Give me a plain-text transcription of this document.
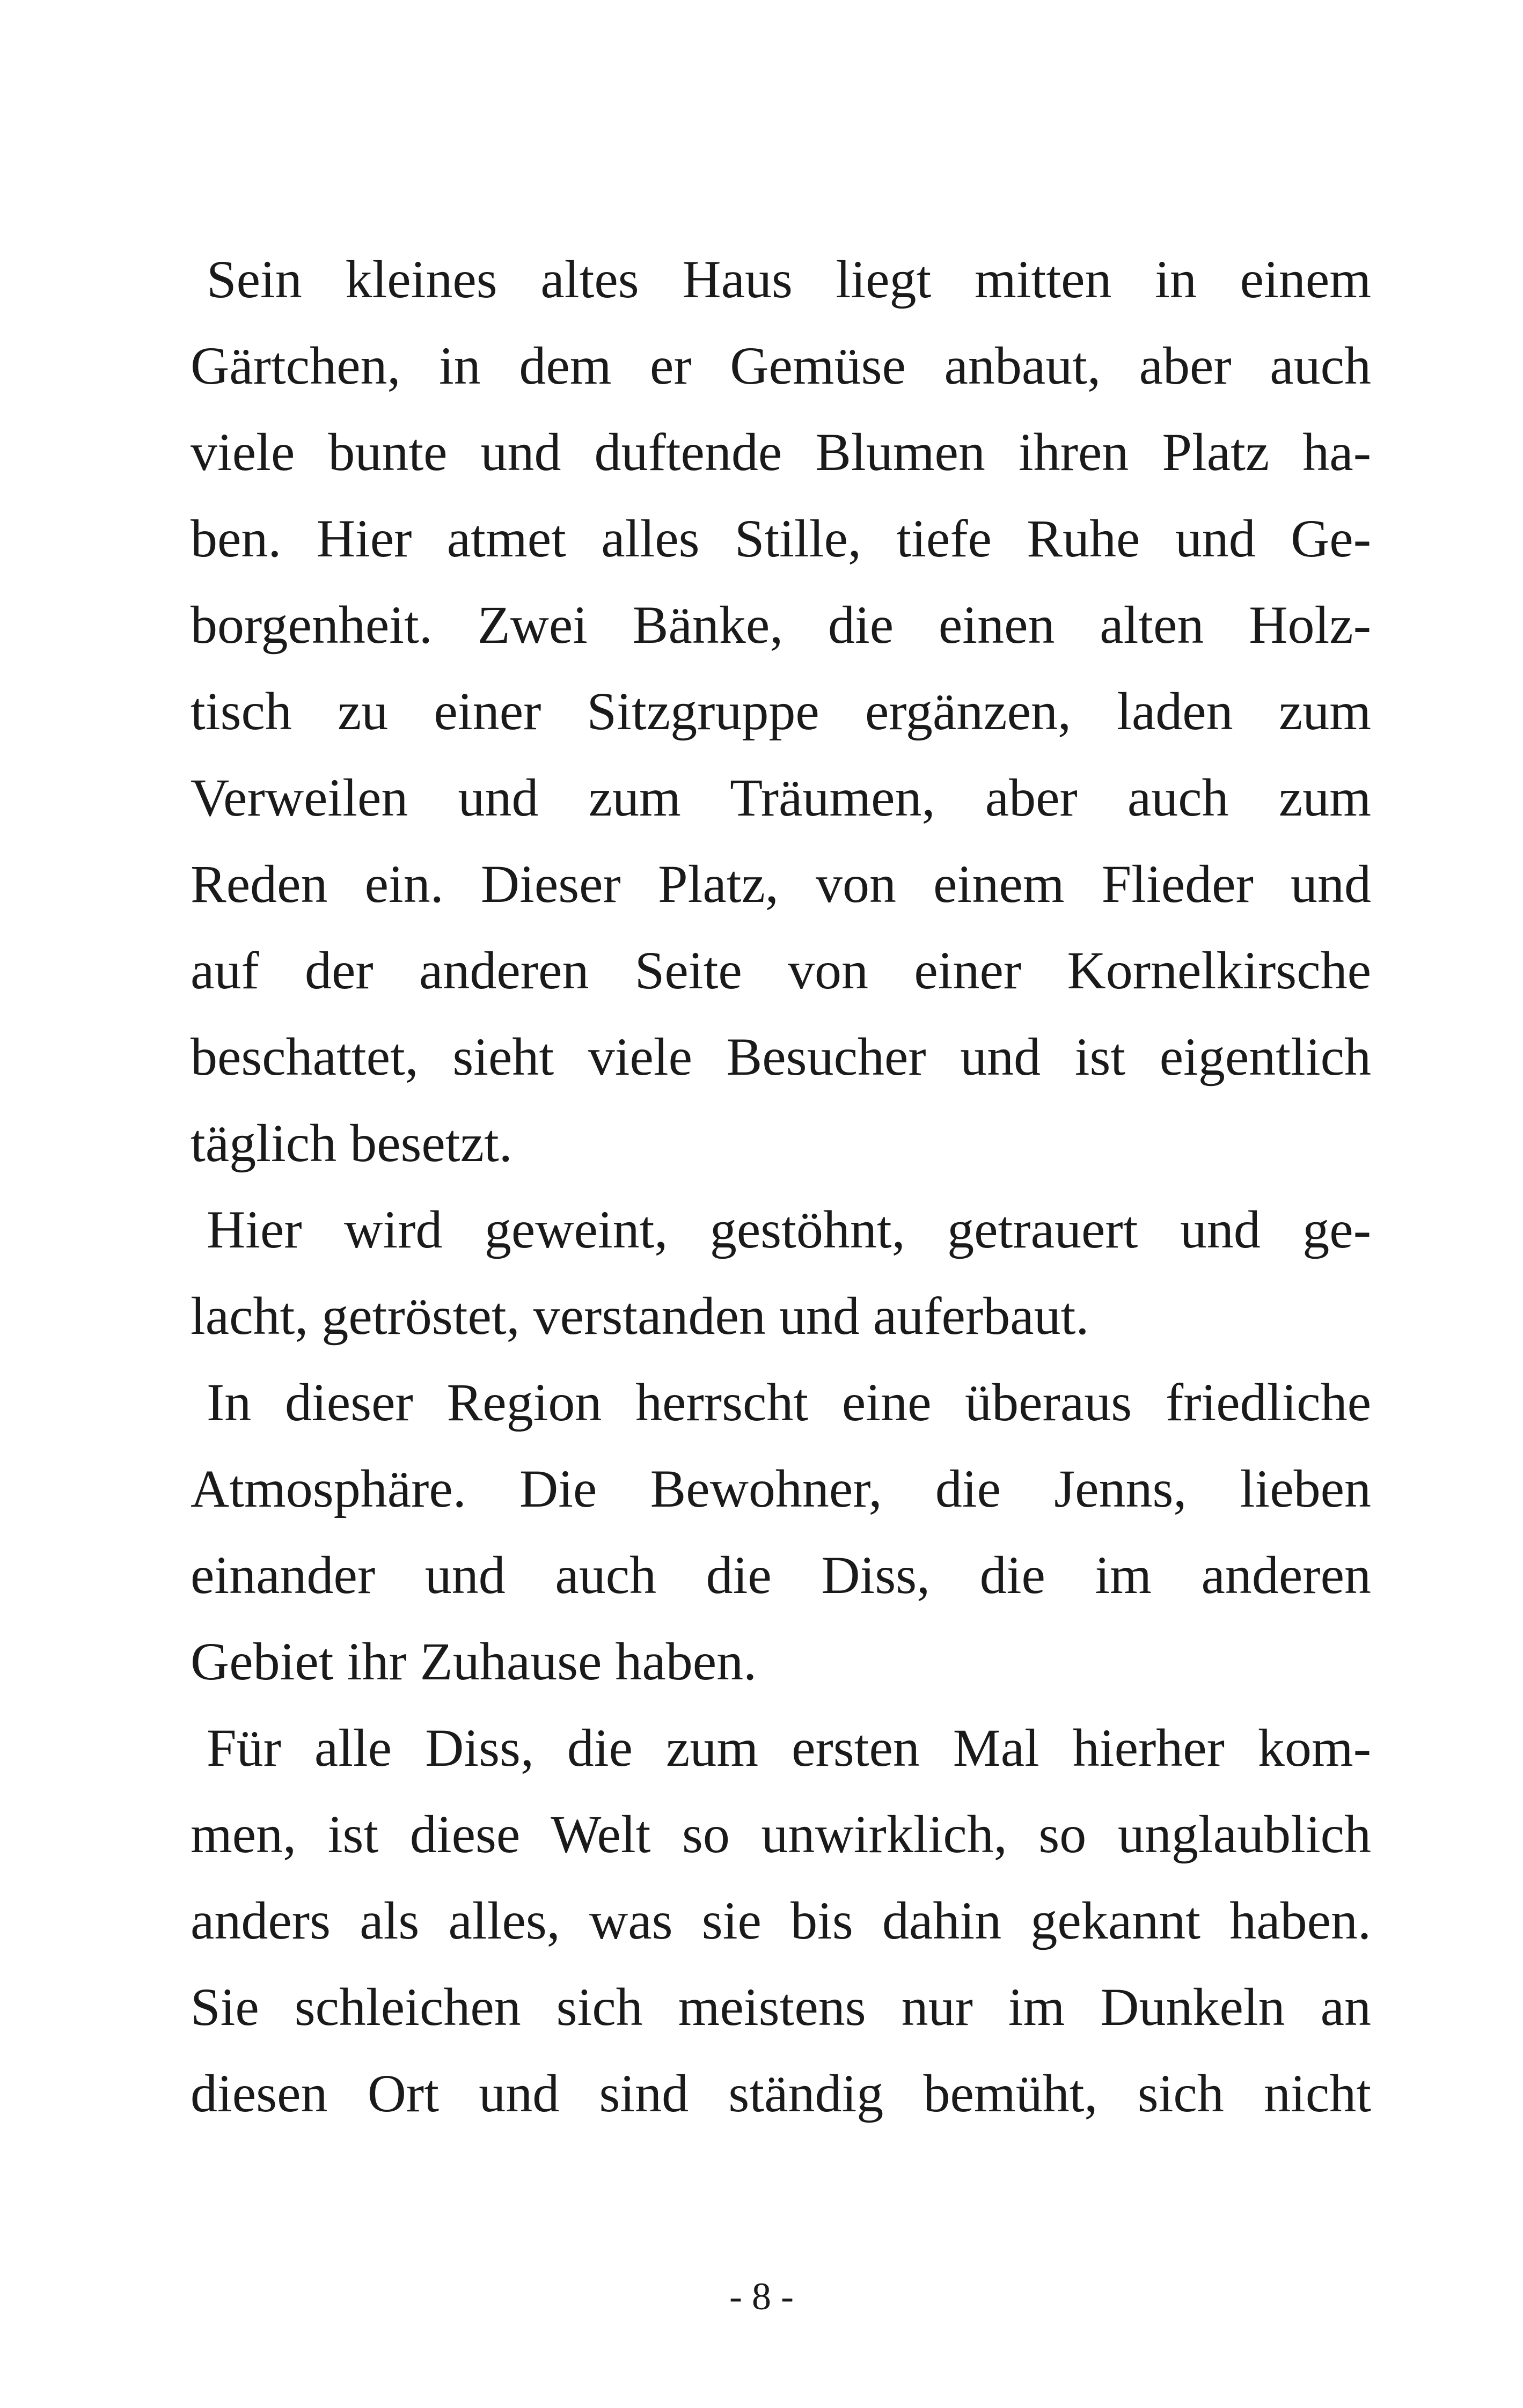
Sein kleines altes Haus liegt mitten in einem
Gärtchen, in dem er Gemüse anbaut, aber auch
viele bunte und duftende Blumen ihren Platz ha-
ben. Hier atmet alles Stille, tiefe Ruhe und Ge-
borgenheit. Zwei Bänke, die einen alten Holz-
tisch zu einer Sitzgruppe ergänzen, laden zum
Verweilen und zum Träumen, aber auch zum
Reden ein. Dieser Platz, von einem Flieder und
auf der anderen Seite von einer Kornelkirsche
beschattet, sieht viele Besucher und ist eigentlich
täglich besetzt.
Hier wird geweint, gestöhnt, getrauert und ge-
lacht, getröstet, verstanden und auferbaut.
In dieser Region herrscht eine überaus friedliche
Atmosphäre. Die Bewohner, die Jenns, lieben
einander und auch die Diss, die im anderen
Gebiet ihr Zuhause haben.
Für alle Diss, die zum ersten Mal hierher kom-
men, ist diese Welt so unwirklich, so unglaublich
anders als alles, was sie bis dahin gekannt haben.
Sie schleichen sich meistens nur im Dunkeln an
diesen Ort und sind ständig bemüht, sich nicht
- 8 -
